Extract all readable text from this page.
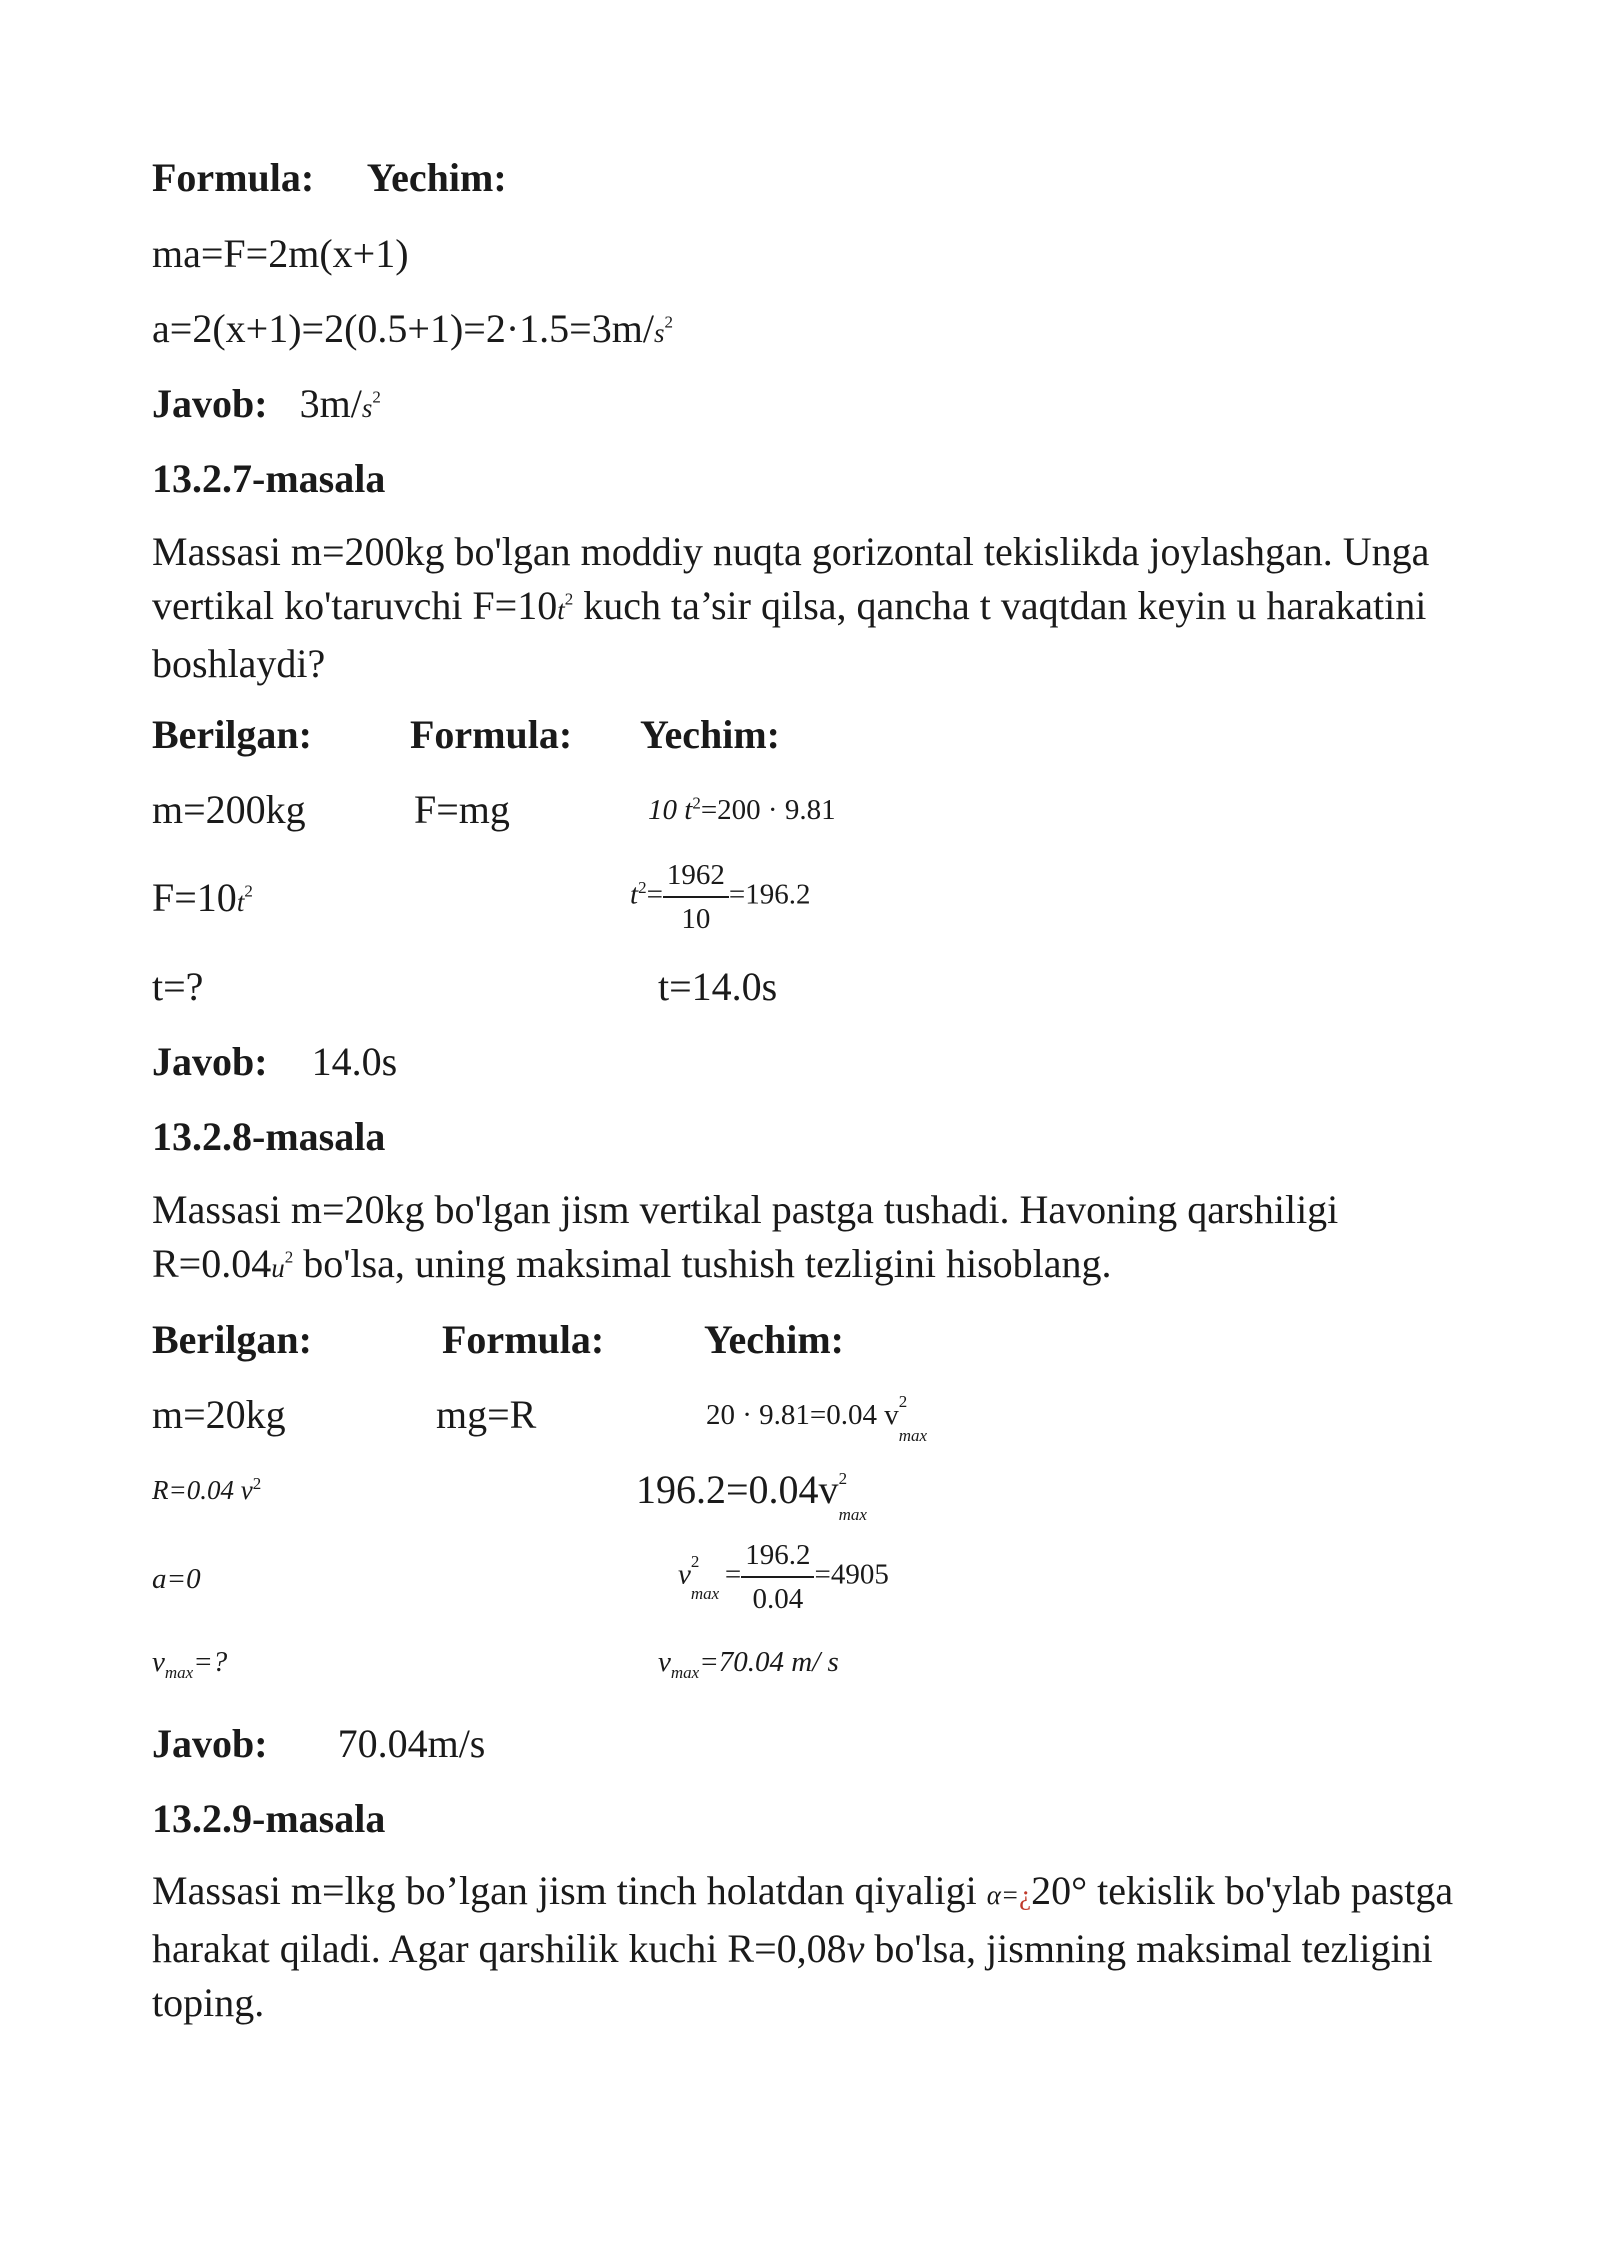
Formula: Yechim:
ma=F=2m(x+1)
$a=2(x+1)=2(0.5+1)=2\cdot 1.5=3m/s^2$
Javob: $3m/s^2$
13.2.7-masala
Massasi m=200kg bo'lgan moddiy nuqta gorizontal tekislikda joylashgan. Unga vertikal ko'taruvchi $F=10t^2$ kuch ta’sir qilsa, qancha t vaqtdan keyin u harakatini boshlaydi?
Berilgan: Formula: Yechim:
m=200kg	F=mg	10 $t^2=200 \cdot 9.81$
$F=10t^2$	$t^2= \frac{1962}{10} =196.2$
t=?	t=14.0s
Javob: 14.0s
13.2.8-masala
Massasi m=20kg bo'lgan jism vertikal pastga tushadi. Havoning qarshiligi $R=0.04u^2$ bo'lsa, uning maksimal tushish tezligini hisoblang.
Berilgan:	Formula: Yechim:
m=20kg	mg=R	20 · 9.81=0.04 v 2
max
R=0.04 $v^2$	196.2=0.04v 2
max
a=0	v 2
max
= $\frac{196.2}{0.04} =4905$
$v_{max}=$?	$v_{max}=70.04$ m/ s
Javob: 70.04m/s
13.2.9-masala
Massasi m=lkg bo’lgan jism tinch holatdan qiyaligi α=¿20° tekislik bo'ylab pastga harakat qiladi. Agar qarshilik kuchi R=0,08v bo'lsa, jismning maksimal tezligini toping.
